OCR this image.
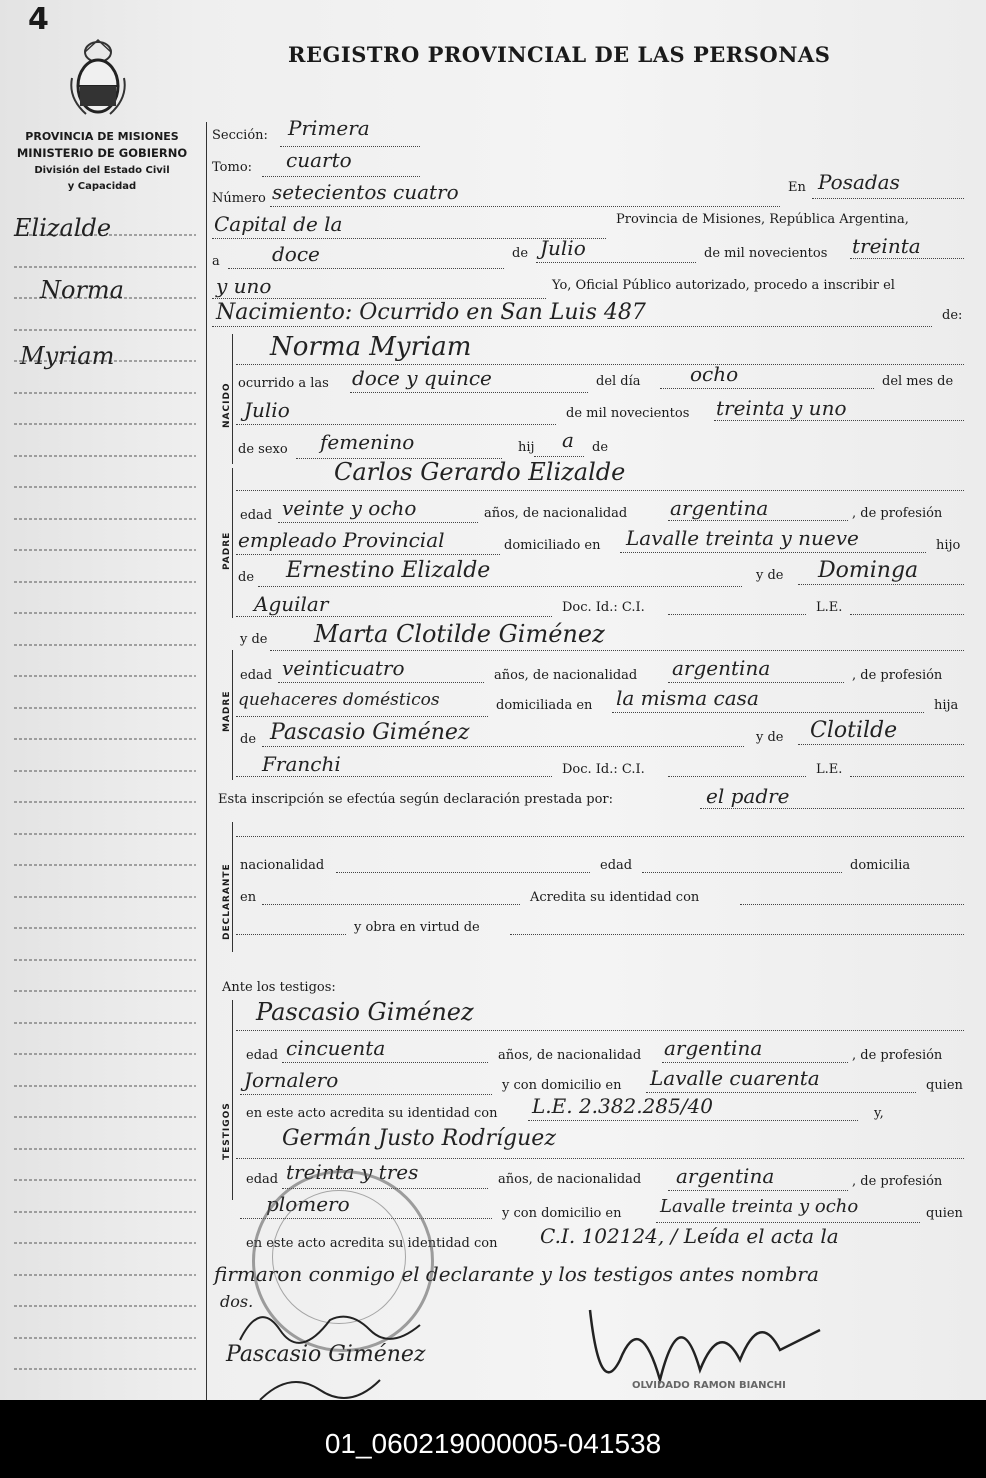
4
REGISTRO PROVINCIAL DE LAS PERSONAS
PROVINCIA DE MISIONES
MINISTERIO DE GOBIERNO
División del Estado Civil
y Capacidad
Elizalde
Norma
Myriam
Sección: Primera
Tomo: cuarto
Número setecientos cuatro	En Posadas
Capital de la	Provincia de Misiones, República Argentina,
a	doce	de Julio	de mil novecientos treinta
y uno	Yo, Oficial Público autorizado, procedo a inscribir el
Nacimiento: Ocurrido en San Luis 487	de:
NACIDO
Norma Myriam
ocurrido a las doce y quince	del día ocho	del mes de
Julio	de mil novecientos treinta y uno
de sexo femenino	hij a de
PADRE
Carlos Gerardo Elizalde
edad veinte y ocho	años, de nacionalidad argentina	, de profesión
empleado Provincial	domiciliado en Lavalle treinta y nueve	hijo
de Ernestino Elizalde	y de Dominga
Aguilar	Doc. Id.: C.I.	L.E.
MADRE
y de Marta Clotilde Giménez
edad veinticuatro	años, de nacionalidad argentina	, de profesión
quehaceres domésticos	domiciliada en la misma casa	hija
de Pascasio Giménez	y de Clotilde
Franchi	Doc. Id.: C.I.	L.E.
Esta inscripción se efectúa según declaración prestada por:	el padre
DECLARANTE nacionalidad	edad	domicilia
en	Acredita su identidad con
y obra en virtud de
Ante los testigos:
TESTIGOS
Pascasio Giménez
edad cincuenta	años, de nacionalidad argentina	, de profesión
Jornalero	y con domicilio en Lavalle cuarenta	quien
en este acto acredita su identidad con L.E. 2.382.285/40	y,
Germán Justo Rodríguez
edad treinta y tres	años, de nacionalidad argentina	, de profesión
plomero	y con domicilio en Lavalle treinta y ocho	quien
en este acto acredita su identidad con C.I. 102124, / Leída el acta la
firmaron conmigo el declarante y los testigos antes nombra
dos.
Pascasio Giménez
OLVIDADO RAMON BIANCHI
01_060219000005-041538
